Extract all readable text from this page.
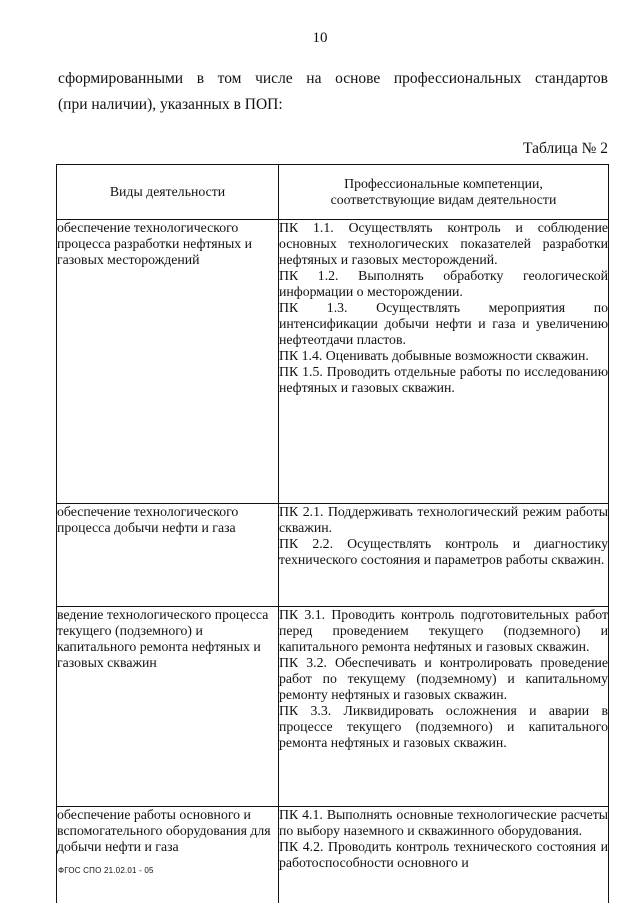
10
сформированными в том числе на основе профессиональных стандартов
(при наличии), указанных в ПОП:
Таблица № 2
Виды деятельности	Профессиональные компетенции,
соответствующие видам деятельности

обеспечение технологического процесса разработки нефтяных и газовых месторождений	ПК 1.1. Осуществлять контроль и соблюдение основных технологических показателей разработки нефтяных и газовых месторождений.
ПК 1.2. Выполнять обработку геологической информации о месторождении.
ПК 1.3. Осуществлять мероприятия по интенсификации добычи нефти и газа и увеличению нефтеотдачи пластов.
ПК 1.4. Оценивать добывные возможности скважин.
ПК 1.5. Проводить отдельные работы по исследованию нефтяных и газовых скважин.

обеспечение технологического процесса добычи нефти и газа	ПК 2.1. Поддерживать технологический режим работы скважин.
ПК 2.2. Осуществлять контроль и диагностику технического состояния и параметров работы скважин.

ведение технологического процесса текущего (подземного) и капитального ремонта нефтяных и газовых скважин	ПК 3.1. Проводить контроль подготовительных работ перед проведением текущего (подземного) и капитального ремонта нефтяных и газовых скважин.
ПК 3.2. Обеспечивать и контролировать проведение работ по текущему (подземному) и капитальному ремонту нефтяных и газовых скважин.
ПК 3.3. Ликвидировать осложнения и аварии в процессе текущего (подземного) и капитального ремонта нефтяных и газовых скважин.

обеспечение работы основного и вспомогательного оборудования для добычи нефти и газа	ПК 4.1. Выполнять основные технологические расчеты по выбору наземного и скважинного оборудования.
ПК 4.2. Проводить контроль технического состояния и работоспособности основного и
ФГОС СПО 21.02.01 - 05
